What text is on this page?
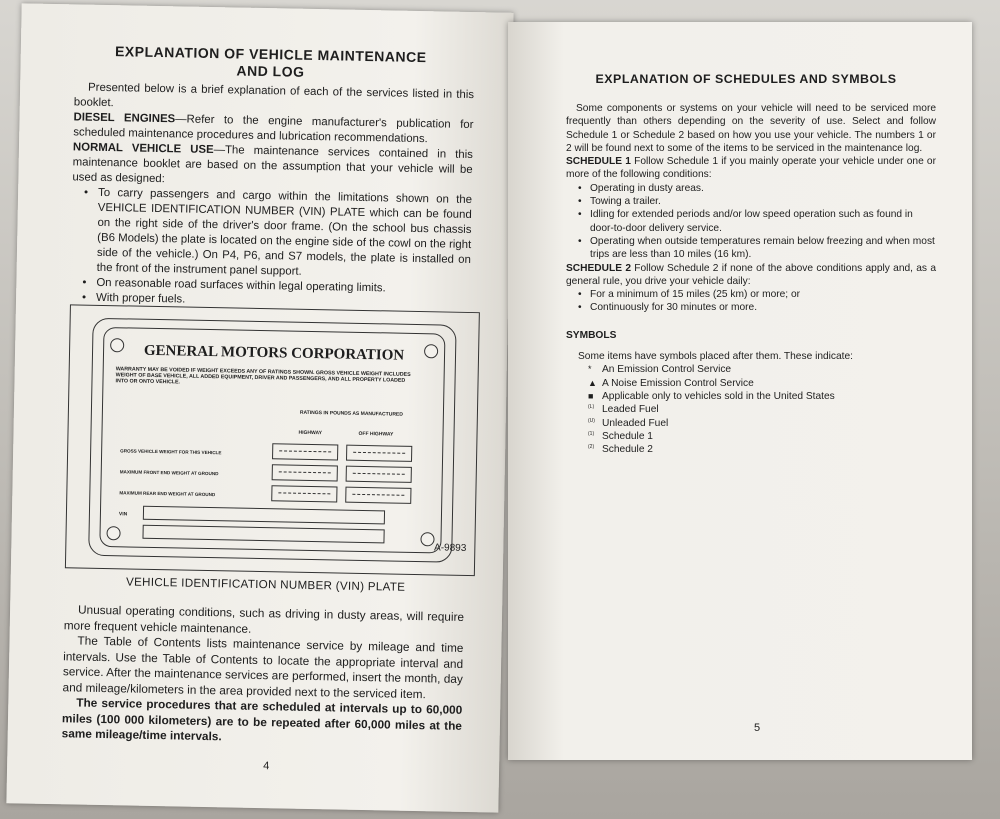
EXPLANATION OF VEHICLE MAINTENANCE
AND LOG

Presented below is a brief explanation of each of the services listed in this booklet.

DIESEL ENGINES—Refer to the engine manufacturer's publication for scheduled maintenance procedures and lubrication recommendations.

NORMAL VEHICLE USE—The maintenance services contained in this maintenance booklet are based on the assumption that your vehicle will be used as designed:

• To carry passengers and cargo within the limitations shown on the VEHICLE IDENTIFICATION NUMBER (VIN) PLATE which can be found on the right side of the driver's door frame. (On the school bus chassis (B6 Models) the plate is located on the engine side of the cowl on the right side of the vehicle.) On P4, P6, and S7 models, the plate is installed on the front of the instrument panel support.
• On reasonable road surfaces within legal operating limits.
• With proper fuels.
GENERAL MOTORS CORPORATION
WARRANTY MAY BE VOIDED IF WEIGHT EXCEEDS ANY OF RATINGS SHOWN. GROSS VEHICLE WEIGHT INCLUDES WEIGHT OF BASE VEHICLE, ALL ADDED EQUIPMENT, DRIVER AND PASSENGERS, AND ALL PROPERTY LOADED INTO OR ONTO VEHICLE.
RATINGS IN POUNDS AS MANUFACTURED
HIGHWAY	OFF HIGHWAY
GROSS VEHICLE WEIGHT FOR THIS VEHICLE
MAXIMUM FRONT END WEIGHT AT GROUND
MAXIMUM REAR END WEIGHT AT GROUND
VIN
A-9893
VEHICLE IDENTIFICATION NUMBER (VIN) PLATE

Unusual operating conditions, such as driving in dusty areas, will require more frequent vehicle maintenance.

The Table of Contents lists maintenance service by mileage and time intervals. Use the Table of Contents to locate the appropriate interval and service. After the maintenance services are performed, insert the month, day and mileage/kilometers in the area provided next to the serviced item.

The service procedures that are scheduled at intervals up to 60,000 miles (100 000 kilometers) are to be repeated after 60,000 miles at the same mileage/time intervals.

4
EXPLANATION OF SCHEDULES AND SYMBOLS

Some components or systems on your vehicle will need to be serviced more frequently than others depending on the severity of use. Select and follow Schedule 1 or Schedule 2 based on how you use your vehicle. The numbers 1 or 2 will be found next to some of the items to be serviced in the maintenance log.

SCHEDULE 1 Follow Schedule 1 if you mainly operate your vehicle under one or more of the following conditions:

• Operating in dusty areas.
• Towing a trailer.
• Idling for extended periods and/or low speed operation such as found in door-to-door delivery service.
• Operating when outside temperatures remain below freezing and when most trips are less than 10 miles (16 km).

SCHEDULE 2 Follow Schedule 2 if none of the above conditions apply and, as a general rule, you drive your vehicle daily:

• For a minimum of 15 miles (25 km) or more; or
• Continuously for 30 minutes or more.

SYMBOLS

Some items have symbols placed after them. These indicate:

* An Emission Control Service
▲ A Noise Emission Control Service
■ Applicable only to vehicles sold in the United States
(L) Leaded Fuel
(U) Unleaded Fuel
(1) Schedule 1
(2) Schedule 2
5
